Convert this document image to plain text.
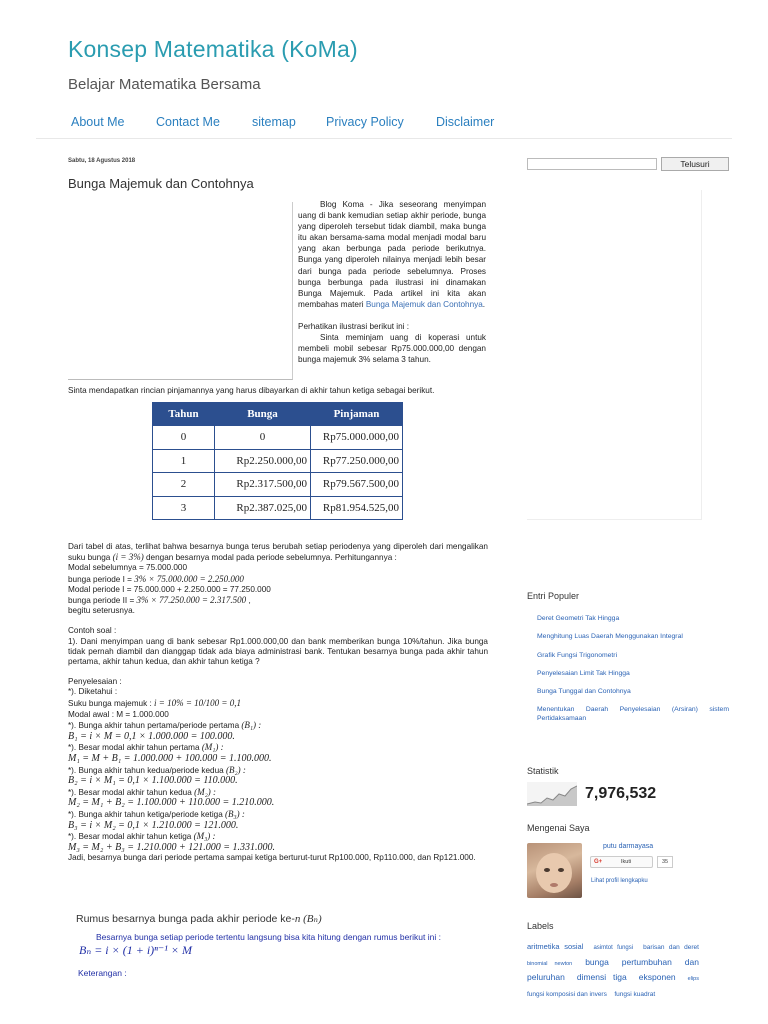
Konsep Matematika (KoMa)
Belajar Matematika Bersama
About Me	Contact Me	sitemap Privacy Policy	Disclaimer
Sabtu, 18 Agustus 2018
Bunga Majemuk dan Contohnya

Blog Koma - Jika seseorang menyimpan uang di bank kemudian setiap akhir periode, bunga yang diperoleh tersebut tidak diambil, maka bunga itu akan bersama-sama modal menjadi modal baru yang akan berbunga pada periode berikutnya. Bunga yang diperoleh nilainya menjadi lebih besar dari bunga pada periode sebelumnya. Proses bunga berbunga pada ilustrasi ini dinamakan Bunga Majemuk. Pada artikel ini kita akan membahas materi Bunga Majemuk dan Contohnya.

Perhatikan ilustrasi berikut ini :

Sinta meminjam uang di koperasi untuk membeli mobil sebesar Rp75.000.000,00 dengan bunga majemuk 3% selama 3 tahun.

Sinta mendapatkan rincian pinjamannya yang harus dibayarkan di akhir tahun ketiga sebagai berikut.
Tahun	Bunga	Pinjaman
0	0	Rp75.000.000,00
1	Rp2.250.000,00	Rp77.250.000,00
2	Rp2.317.500,00	Rp79.567.500,00
3	Rp2.387.025,00	Rp81.954.525,00
Dari tabel di atas, terlihat bahwa besarnya bunga terus berubah setiap periodenya yang diperoleh dari mengalikan suku bunga (i = 3%) dengan besarnya modal pada periode sebelumnya. Perhitungannya :
Modal sebelumnya = 75.000.000
bunga periode I = 3% × 75.000.000 = 2.250.000
Modal periode I = 75.000.000 + 2.250.000 = 77.250.000
bunga periode II = 3% × 77.250.000 = 2.317.500 ,
begitu seterusnya.
Contoh soal :
1). Dani menyimpan uang di bank sebesar Rp1.000.000,00 dan bank memberikan bunga 10%/tahun. Jika bunga tidak pernah diambil dan dianggap tidak ada biaya administrasi bank. Tentukan besarnya bunga pada akhir tahun pertama, akhir tahun kedua, dan akhir tahun ketiga ?
Penyelesaian :
*). Diketahui :
Suku bunga majemuk : i = 10% = 10/100 = 0,1
Modal awal : M = 1.000.000
*). Bunga akhir tahun pertama/periode pertama (B₁) :
B₁ = i × M = 0,1 × 1.000.000 = 100.000.
*). Besar modal akhir tahun pertama (M₁) :
M₁ = M + B₁ = 1.000.000 + 100.000 = 1.100.000.
*). Bunga akhir tahun kedua/periode kedua (B₂) :
B₂ = i × M₁ = 0,1 × 1.100.000 = 110.000.
*). Besar modal akhir tahun kedua (M₂) :
M₂ = M₁ + B₂ = 1.100.000 + 110.000 = 1.210.000.
*). Bunga akhir tahun ketiga/periode ketiga (B₃) :
B₃ = i × M₂ = 0,1 × 1.210.000 = 121.000.
*). Besar modal akhir tahun ketiga (M₃) :
M₃ = M₂ + B₃ = 1.210.000 + 121.000 = 1.331.000.
Jadi, besarnya bunga dari periode pertama sampai ketiga berturut-turut Rp100.000, Rp110.000, dan Rp121.000.
Rumus besarnya bunga pada akhir periode ke-n (Bₙ)
Besarnya bunga setiap periode tertentu langsung bisa kita hitung dengan rumus berikut ini :
Bₙ = i × (1 + i)ⁿ⁻¹ × M
Keterangan :
Telusuri
Entri Populer
Deret Geometri Tak Hingga
Menghitung Luas Daerah Menggunakan Integral
Grafik Fungsi Trigonometri
Penyelesaian Limit Tak Hingga
Bunga Tunggal dan Contohnya
Menentukan Daerah Penyelesaian (Arsiran) sistem Pertidaksamaan
Statistik
7,976,532
Mengenai Saya
putu darmayasa
G+	Ikuti	35
Lihat profil lengkapku
Labels
aritmetika sosial asimtot fungsi barisan dan deret binomial newton bunga pertumbuhan dan peluruhan dimensi tiga eksponen elips fungsi komposisi dan invers fungsi kuadrat
